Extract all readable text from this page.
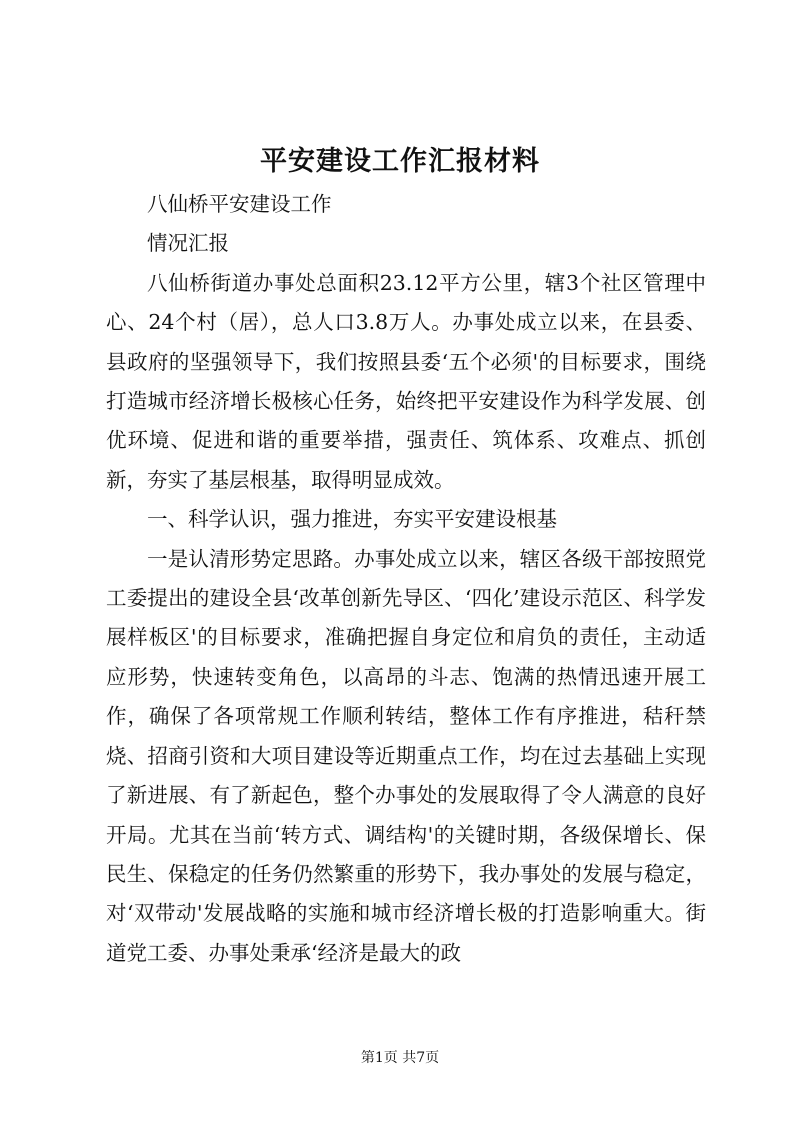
平安建设工作汇报材料

八仙桥平安建设工作

情况汇报

八仙桥街道办事处总面积23.12平方公里，辖3个社区管理中心、24个村（居），总人口3.8万人。办事处成立以来，在县委、县政府的坚强领导下，我们按照县委‘五个必须'的目标要求，围绕打造城市经济增长极核心任务，始终把平安建设作为科学发展、创优环境、促进和谐的重要举措，强责任、筑体系、攻难点、抓创新，夯实了基层根基，取得明显成效。

一、科学认识，强力推进，夯实平安建设根基

一是认清形势定思路。办事处成立以来，辖区各级干部按照党工委提出的建设全县‘改革创新先导区、‘四化’建设示范区、科学发展样板区'的目标要求，准确把握自身定位和肩负的责任，主动适应形势，快速转变角色，以高昂的斗志、饱满的热情迅速开展工作，确保了各项常规工作顺利转结，整体工作有序推进，秸秆禁烧、招商引资和大项目建设等近期重点工作，均在过去基础上实现了新进展、有了新起色，整个办事处的发展取得了令人满意的良好开局。尤其在当前‘转方式、调结构'的关键时期，各级保增长、保民生、保稳定的任务仍然繁重的形势下，我办事处的发展与稳定，对‘双带动'发展战略的实施和城市经济增长极的打造影响重大。街道党工委、办事处秉承‘经济是最大的政

第1页 共7页
